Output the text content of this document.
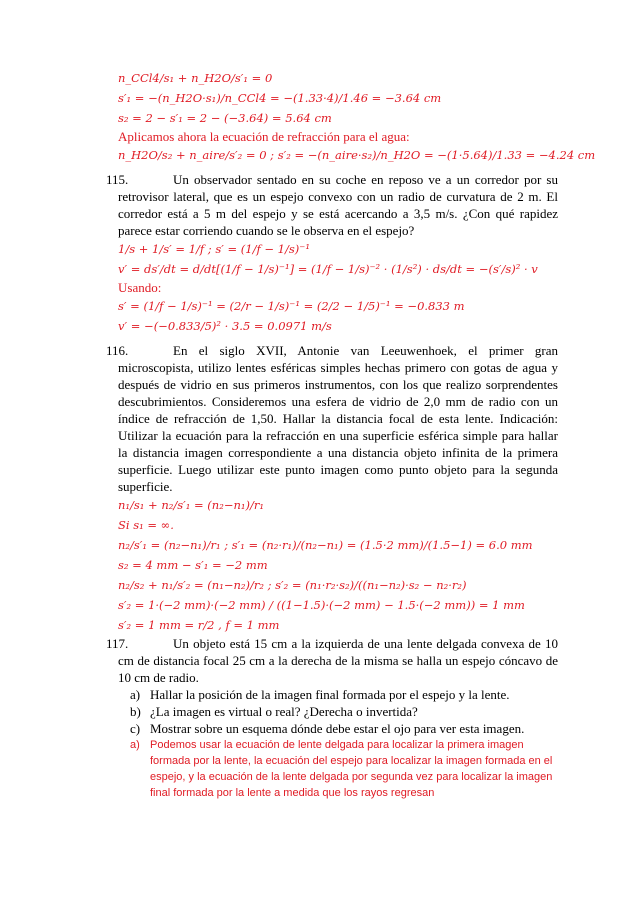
n_CCl4/s₁ + n_H2O/s′₁ = 0
s′₁ = −(n_H2O·s₁)/n_CCl4 = −(1.33·4)/1.46 = −3.64 cm
s₂ = 2 − s′₁ = 2 − (−3.64) = 5.64 cm
Aplicamos ahora la ecuación de refracción para el agua:
n_H2O/s₂ + n_aire/s′₂ = 0 ; s′₂ = −(n_aire·s₂)/n_H2O = −(1·5.64)/1.33 = −4.24 cm
115.	Un observador sentado en su coche en reposo ve a un corredor por su retrovisor lateral, que es un espejo convexo con un radio de curvatura de 2 m. El corredor está a 5 m del espejo y se está acercando a 3,5 m/s. ¿Con qué rapidez parece estar corriendo cuando se le observa en el espejo?
1/s + 1/s′ = 1/f ; s′ = (1/f − 1/s)⁻¹
v′ = ds′/dt = d/dt[(1/f − 1/s)⁻¹] = (1/f − 1/s)⁻² · (1/s²) · ds/dt = −(s′/s)² · v
Usando:
s′ = (1/f − 1/s)⁻¹ = (2/r − 1/s)⁻¹ = (2/2 − 1/5)⁻¹ = −0.833 m
v′ = −(−0.833/5)² · 3.5 = 0.0971 m/s
116.	En el siglo XVII, Antonie van Leeuwenhoek, el primer gran microscopista, utilizo lentes esféricas simples hechas primero con gotas de agua y después de vidrio en sus primeros instrumentos, con los que realizo sorprendentes descubrimientos. Consideremos una esfera de vidrio de 2,0 mm de radio con un índice de refracción de 1,50. Hallar la distancia focal de esta lente. Indicación: Utilizar la ecuación para la refracción en una superficie esférica simple para hallar la distancia imagen correspondiente a una distancia objeto infinita de la primera superficie. Luego utilizar este punto imagen como punto objeto para la segunda superficie.
n₁/s₁ + n₂/s′₁ = (n₂−n₁)/r₁
Si s₁ = ∞.
n₂/s′₁ = (n₂−n₁)/r₁ ; s′₁ = (n₂·r₁)/(n₂−n₁) = (1.5·2 mm)/(1.5−1) = 6.0 mm
s₂ = 4 mm − s′₁ = −2 mm
n₂/s₂ + n₁/s′₂ = (n₁−n₂)/r₂ ; s′₂ = (n₁·r₂·s₂)/((n₁−n₂)·s₂ − n₂·r₂)
s′₂ = 1·(−2 mm)·(−2 mm) / ((1−1.5)·(−2 mm) − 1.5·(−2 mm)) = 1 mm
s′₂ = 1 mm = r/2 , f = 1 mm
117.	Un objeto está 15 cm a la izquierda de una lente delgada convexa de 10 cm de distancia focal 25 cm a la derecha de la misma se halla un espejo cóncavo de 10 cm de radio.
a) Hallar la posición de la imagen final formada por el espejo y la lente.
b) ¿La imagen es virtual o real? ¿Derecha o invertida?
c) Mostrar sobre un esquema dónde debe estar el ojo para ver esta imagen.
a) Podemos usar la ecuación de lente delgada para localizar la primera imagen formada por la lente, la ecuación del espejo para localizar la imagen formada en el espejo, y la ecuación de la lente delgada por segunda vez para localizar la imagen final formada por la lente a medida que los rayos regresan
